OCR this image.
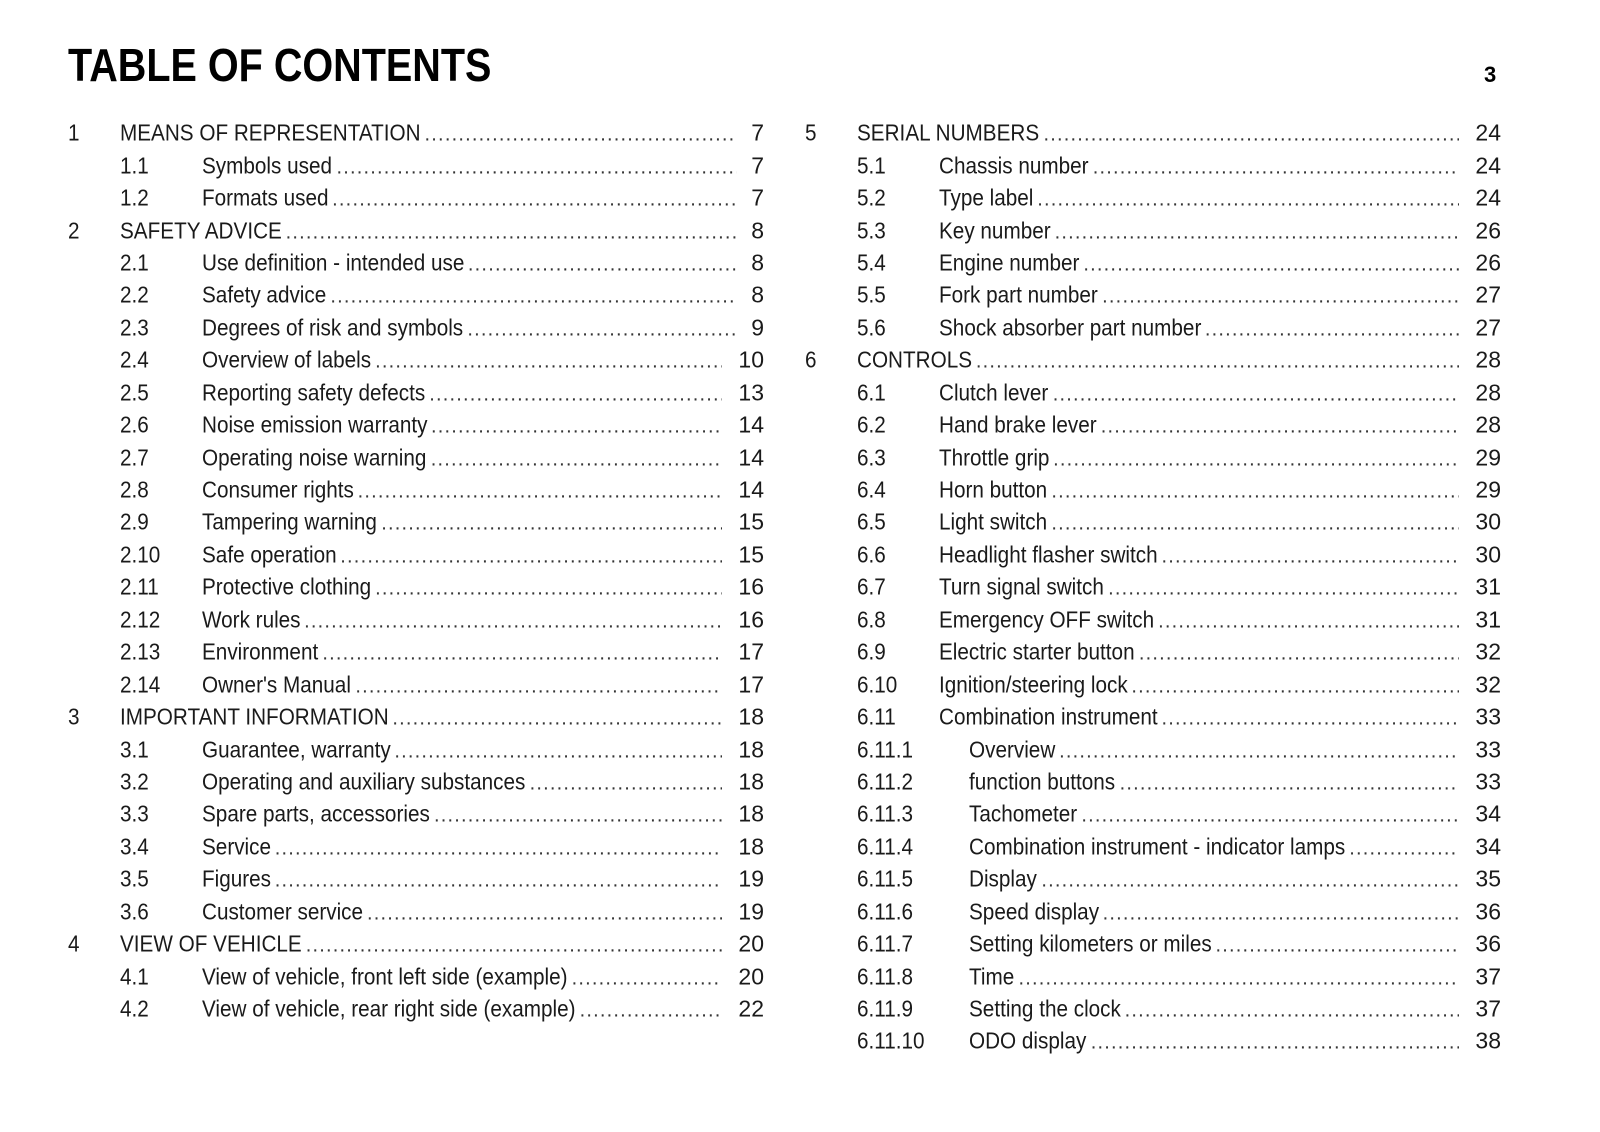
TABLE OF CONTENTS	3
1 MEANS OF REPRESENTATION .....	7
1.1 Symbols used .....	7
1.2 Formats used .....	7
2 SAFETY ADVICE .....	8
2.1 Use definition - intended use .....	8
2.2 Safety advice .....	8
2.3 Degrees of risk and symbols .....	9
2.4 Overview of labels .....	10
2.5 Reporting safety defects .....	13
2.6 Noise emission warranty .....	14
2.7 Operating noise warning .....	14
2.8 Consumer rights .....	14
2.9 Tampering warning .....	15
2.10 Safe operation .....	15
2.11 Protective clothing .....	16
2.12 Work rules .....	16
2.13 Environment .....	17
2.14 Owner's Manual .....	17
3 IMPORTANT INFORMATION .....	18
3.1 Guarantee, warranty .....	18
3.2 Operating and auxiliary substances .....	18
3.3 Spare parts, accessories .....	18
3.4 Service .....	18
3.5 Figures .....	19
3.6 Customer service .....	19
4 VIEW OF VEHICLE .....	20
4.1 View of vehicle, front left side (example) .....	20
4.2 View of vehicle, rear right side (example) .....	22
5 SERIAL NUMBERS .....	24
5.1 Chassis number .....	24
5.2 Type label .....	24
5.3 Key number .....	26
5.4 Engine number .....	26
5.5 Fork part number .....	27
5.6 Shock absorber part number .....	27
6 CONTROLS .....	28
6.1 Clutch lever .....	28
6.2 Hand brake lever .....	28
6.3 Throttle grip .....	29
6.4 Horn button .....	29
6.5 Light switch .....	30
6.6 Headlight flasher switch .....	30
6.7 Turn signal switch .....	31
6.8 Emergency OFF switch .....	31
6.9 Electric starter button .....	32
6.10 Ignition/steering lock .....	32
6.11 Combination instrument .....	33
6.11.1 Overview .....	33
6.11.2 function buttons .....	33
6.11.3 Tachometer .....	34
6.11.4 Combination instrument - indicator lamps .....	34
6.11.5 Display .....	35
6.11.6 Speed display .....	36
6.11.7 Setting kilometers or miles .....	36
6.11.8 Time .....	37
6.11.9 Setting the clock .....	37
6.11.10 ODO display .....	38
